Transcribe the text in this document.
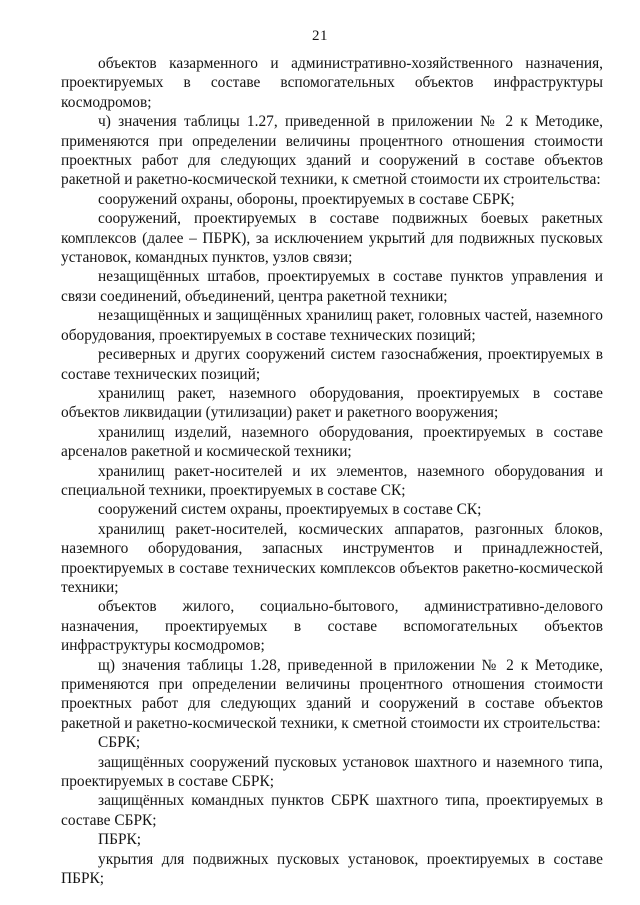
21

объектов казарменного и административно-хозяйственного назначения, проектируемых в составе вспомогательных объектов инфраструктуры космодромов;

ч) значения таблицы 1.27, приведенной в приложении № 2 к Методике, применяются при определении величины процентного отношения стоимости проектных работ для следующих зданий и сооружений в составе объектов ракетной и ракетно-космической техники, к сметной стоимости их строительства:

сооружений охраны, обороны, проектируемых в составе СБРК;

сооружений, проектируемых в составе подвижных боевых ракетных комплексов (далее – ПБРК), за исключением укрытий для подвижных пусковых установок, командных пунктов, узлов связи;

незащищённых штабов, проектируемых в составе пунктов управления и связи соединений, объединений, центра ракетной техники;

незащищённых и защищённых хранилищ ракет, головных частей, наземного оборудования, проектируемых в составе технических позиций;

ресиверных и других сооружений систем газоснабжения, проектируемых в составе технических позиций;

хранилищ ракет, наземного оборудования, проектируемых в составе объектов ликвидации (утилизации) ракет и ракетного вооружения;

хранилищ изделий, наземного оборудования, проектируемых в составе арсеналов ракетной и космической техники;

хранилищ ракет-носителей и их элементов, наземного оборудования и специальной техники, проектируемых в составе СК;

сооружений систем охраны, проектируемых в составе СК;

хранилищ ракет-носителей, космических аппаратов, разгонных блоков, наземного оборудования, запасных инструментов и принадлежностей, проектируемых в составе технических комплексов объектов ракетно-космической техники;

объектов жилого, социально-бытового, административно-делового назначения, проектируемых в составе вспомогательных объектов инфраструктуры космодромов;

щ) значения таблицы 1.28, приведенной в приложении № 2 к Методике, применяются при определении величины процентного отношения стоимости проектных работ для следующих зданий и сооружений в составе объектов ракетной и ракетно-космической техники, к сметной стоимости их строительства:

СБРК;

защищённых сооружений пусковых установок шахтного и наземного типа, проектируемых в составе СБРК;

защищённых командных пунктов СБРК шахтного типа, проектируемых в составе СБРК;

ПБРК;

укрытия для подвижных пусковых установок, проектируемых в составе ПБРК;
